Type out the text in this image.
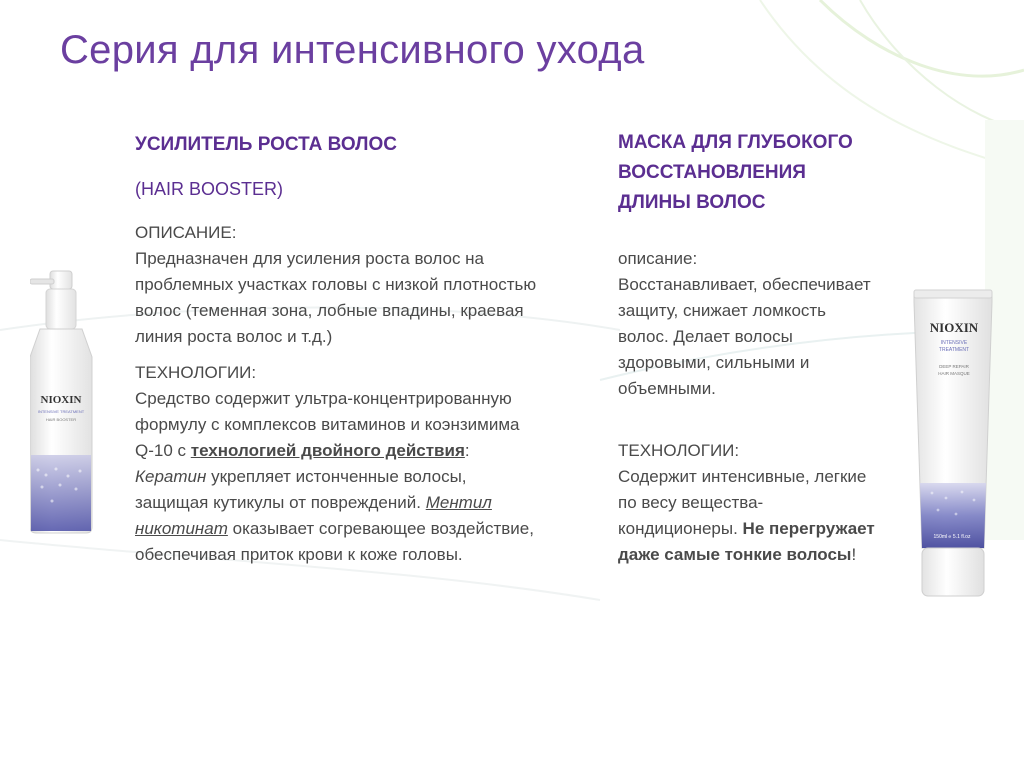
Серия для интенсивного ухода
NIOXIN
INTENSIVE TREATMENT
HAIR BOOSTER
NIOXIN
INTENSIVE
TREATMENT
DEEP REPAIR
HAIR MASQUE
150ml ℮ 5.1 fl.oz
УСИЛИТЕЛЬ РОСТА ВОЛОС
(HAIR BOOSTER)

ОПИСАНИЕ:
Предназначен для усиления роста волос на проблемных участках головы с низкой плотностью волос (теменная зона, лобные впадины, краевая линия роста волос и т.д.)

ТЕХНОЛОГИИ:
Средство содержит ультра-концентрированную формулу с комплексов витаминов и коэнзимима Q-10 с технологией двойного действия:
Кератин укрепляет истонченные волосы, защищая кутикулы от повреждений. Ментил никотинат оказывает согревающее воздействие, обеспечивая приток крови к коже головы.

МАСКА ДЛЯ ГЛУБОКОГО ВОССТАНОВЛЕНИЯ ДЛИНЫ ВОЛОС

описание:
Восстанавливает, обеспечивает защиту, снижает ломкость волос. Делает волосы здоровыми, сильными и объемными.

ТЕХНОЛОГИИ:
Содержит интенсивные, легкие по весу вещества-кондиционеры. Не перегружает даже самые тонкие волосы!
